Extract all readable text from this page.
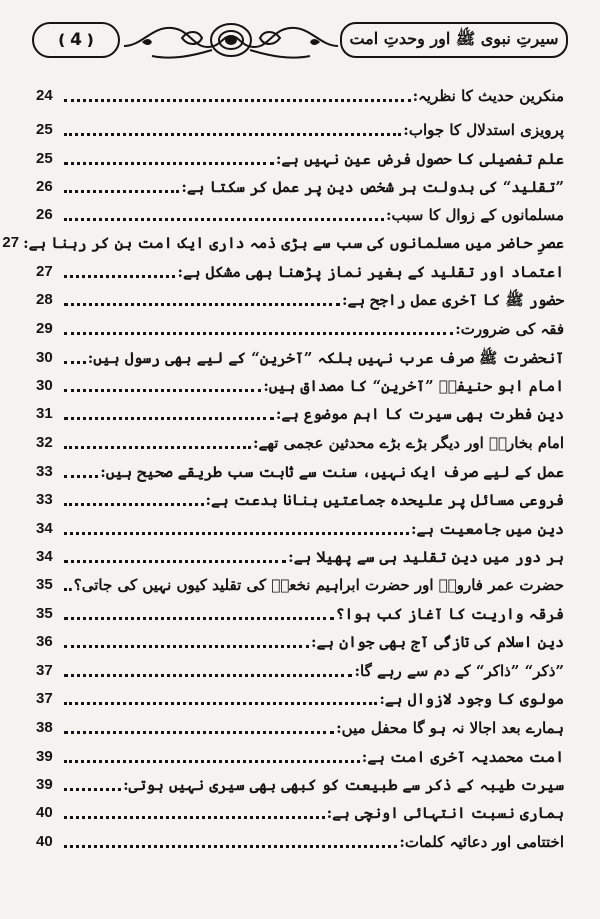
❪ 4 ❫	سیرتِ نبوی ﷺ اور وحدتِ امت
منکرین حدیث کا نظریہ:
24
پرویزی استدلال کا جواب:
25
علم تفصیلی کا حصول فرض عین نہیں ہے:
25
”تقلید“ کی بدولت ہر شخص دین پر عمل کر سکتا ہے:
26
مسلمانوں کے زوال کا سبب:
26
عصرِ حاضر میں مسلمانوں کی سب سے بڑی ذمہ داری ایک امت بن کر رہنا ہے:
27
اعتماد اور تقلید کے بغیر نماز پڑھنا بھی مشکل ہے:
27
حضور ﷺ کا آخری عمل راجح ہے:
28
فقہ کی ضرورت:
29
آنحضرت ﷺ صرف عرب نہیں بلکہ ”آخرین“ کے لیے بھی رسول ہیں:
30
امام ابو حنیفہؒ ”آخرین“ کا مصداق ہیں:
30
دین فطرت بھی سیرت کا اہم موضوع ہے:
31
امام بخاریؒ اور دیگر بڑے بڑے محدثین عجمی تھے:
32
عمل کے لیے صرف ایک نہیں، سنت سے ثابت سب طریقے صحیح ہیں:
33
فروعی مسائل پر علیحدہ جماعتیں بنانا بدعت ہے:
33
دین میں جامعیت ہے:
34
ہر دور میں دین تقلید ہی سے پھیلا ہے:
34
حضرت عمر فاروقؓ اور حضرت ابراہیم نخعیؒ کی تقلید کیوں نہیں کی جاتی؟
35
فرقہ واریت کا آغاز کب ہوا؟
35
دین اسلام کی تازگی آج بھی جوان ہے:
36
”ذکر“ ”ذاکر“ کے دم سے رہے گا:
37
مولوی کا وجود لازوال ہے:
37
ہمارے بعد اجالا نہ ہو گا محفل میں:
38
امت محمدیہ آخری امت ہے:
39
سیرت طیبہ کے ذکر سے طبیعت کو کبھی بھی سیری نہیں ہوتی:
39
ہماری نسبت انتہائی اونچی ہے:
40
اختتامی اور دعائیہ کلمات:
40
